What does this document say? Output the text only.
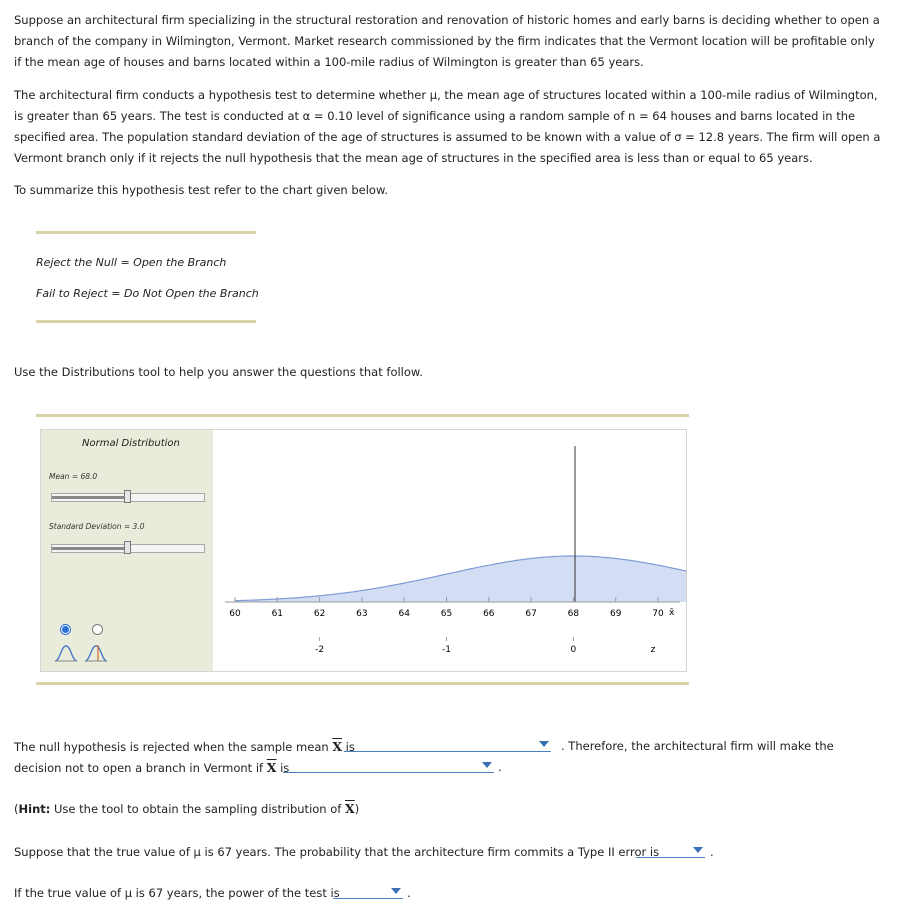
Suppose an architectural firm specializing in the structural restoration and renovation of historic homes and early barns is deciding whether to open a branch of the company in Wilmington, Vermont. Market research commissioned by the firm indicates that the Vermont location will be profitable only if the mean age of houses and barns located within a 100-mile radius of Wilmington is greater than 65 years.

The architectural firm conducts a hypothesis test to determine whether μ, the mean age of structures located within a 100-mile radius of Wilmington, is greater than 65 years. The test is conducted at α = 0.10 level of significance using a random sample of n = 64 houses and barns located in the specified area. The population standard deviation of the age of structures is assumed to be known with a value of σ = 12.8 years. The firm will open a Vermont branch only if it rejects the null hypothesis that the mean age of structures in the specified area is less than or equal to 65 years.

To summarize this hypothesis test refer to the chart given below.

Reject the Null = Open the Branch
Fail to Reject = Do Not Open the Branch

Use the Distributions tool to help you answer the questions that follow.

Normal Distribution
Mean = 68.0
Standard Deviation = 3.0
60	61	62	63	64	65	66	67	68	69	70 x̄
-2	-1	0	z
The null hypothesis is rejected when the sample mean $\overline{X}$ is	. Therefore, the architectural firm will make the
decision not to open a branch in Vermont if $\overline{X}$ is	.
(Hint: Use the tool to obtain the sampling distribution of $\overline{X}$)
Suppose that the true value of μ is 67 years. The probability that the architecture firm commits a Type II error is	.
If the true value of μ is 67 years, the power of the test is	.
